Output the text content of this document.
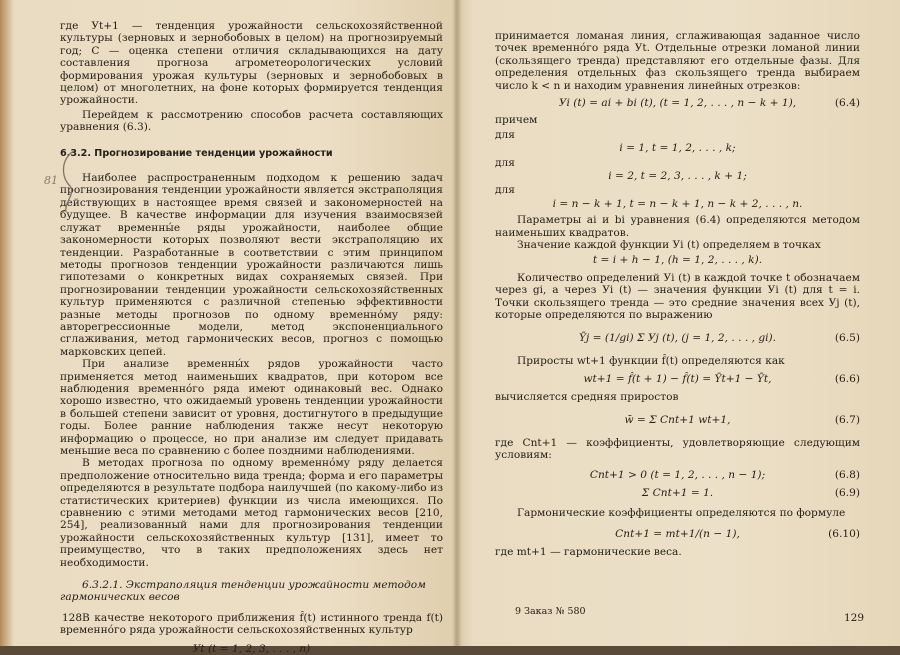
81

где Уt+1 — тенденция урожайности сельскохозяйственной культуры (зерновых и зернобобовых в целом) на прогнозируемый год; С — оценка степени отличия складывающихся на дату составления прогноза агрометеорологических условий формирования урожая культуры (зерновых и зернобобовых в целом) от многолетних, на фоне которых формируется тенденция урожайности.

Перейдем к рассмотрению способов расчета составляющих уравнения (6.3).

6.3.2. Прогнозирование тенденции урожайности

Наиболее распространенным подходом к решению задач прогнозирования тенденции урожайности является экстраполяция действующих в настоящее время связей и закономерностей на будущее. В качестве информации для изучения взаимосвязей служат временны́е ряды урожайности, наиболее общие закономерности которых позволяют вести экстраполяцию их тенденции. Разработанные в соответствии с этим принципом методы прогнозов тенденции урожайности различаются лишь гипотезами о конкретных видах сохраняемых связей. При прогнозировании тенденции урожайности сельскохозяйственных культур применяются с различной степенью эффективности разные методы прогнозов по одному временно́му ряду: авторегрессионные модели, метод экспоненциального сглаживания, метод гармонических весов, прогноз с помощью марковских цепей.

При анализе временны́х рядов урожайности часто применяется метод наименьших квадратов, при котором все наблюдения временно́го ряда имеют одинаковый вес. Однако хорошо известно, что ожидаемый уровень тенденции урожайности в большей степени зависит от уровня, достигнутого в предыдущие годы. Более ранние наблюдения также несут некоторую информацию о процессе, но при анализе им следует придавать меньшие веса по сравнению с более поздними наблюдениями.

В методах прогноза по одному временно́му ряду делается предположение относительно вида тренда; форма и его параметры определяются в результате подбора наилучшей (по какому-либо из статистических критериев) функции из числа имеющихся. По сравнению с этими методами метод гармонических весов [210, 254], реализованный нами для прогнозирования тенденции урожайности сельскохозяйственных культур [131], имеет то преимущество, что в таких предположениях здесь нет необходимости.

6.3.2.1. Экстраполяция тенденции урожайности методом гармонических весов

В качестве некоторого приближения f̂(t) истинного тренда f(t) временно́го ряда урожайности сельскохозяйственных культур

Уt (t = 1, 2, 3, . . . , n)
128

принимается ломаная линия, сглаживающая заданное число точек временно́го ряда Уt. Отдельные отрезки ломаной линии (скользящего тренда) представляют его отдельные фазы. Для определения отдельных фаз скользящего тренда выбираем число k < n и находим уравнения линейных отрезков:

Уi (t) = ai + bi (t), (t = 1, 2, . . . , n − k + 1),	(6.4)

причем

для

i = 1, t = 1, 2, . . . , k;

для

i = 2, t = 2, 3, . . . , k + 1;

для

i = n − k + 1, t = n − k + 1, n − k + 2, . . . , n.

Параметры ai и bi уравнения (6.4) определяются методом наименьших квадратов.

Значение каждой функции Уi (t) определяем в точках

t = i + h − 1, (h = 1, 2, . . . , k).

Количество определений Уi (t) в каждой точке t обозначаем через gi, а через Уi (t) — значения функции Уi (t) для t = i. Точки скользящего тренда — это средние значения всех Уj (t), которые определяются по выражению

Ȳj = (1/gi) Σ Уj (t), (j = 1, 2, . . . , gi).	(6.5)

Приросты wt+1 функции f̂(t) определяются как

wt+1 = f̂(t + 1) − f̂(t) = Ȳt+1 − Ȳt,	(6.6)

вычисляется средняя приростов

w̄ = Σ Cnt+1 wt+1,	(6.7)

где Cnt+1 — коэффициенты, удовлетворяющие следующим условиям:

Cnt+1 > 0 (t = 1, 2, . . . , n − 1);	(6.8)
Σ Cnt+1 = 1.	(6.9)

Гармонические коэффициенты определяются по формуле

Cnt+1 = mt+1/(n − 1),	(6.10)

где mt+1 — гармонические веса.

9 Заказ № 580
129
